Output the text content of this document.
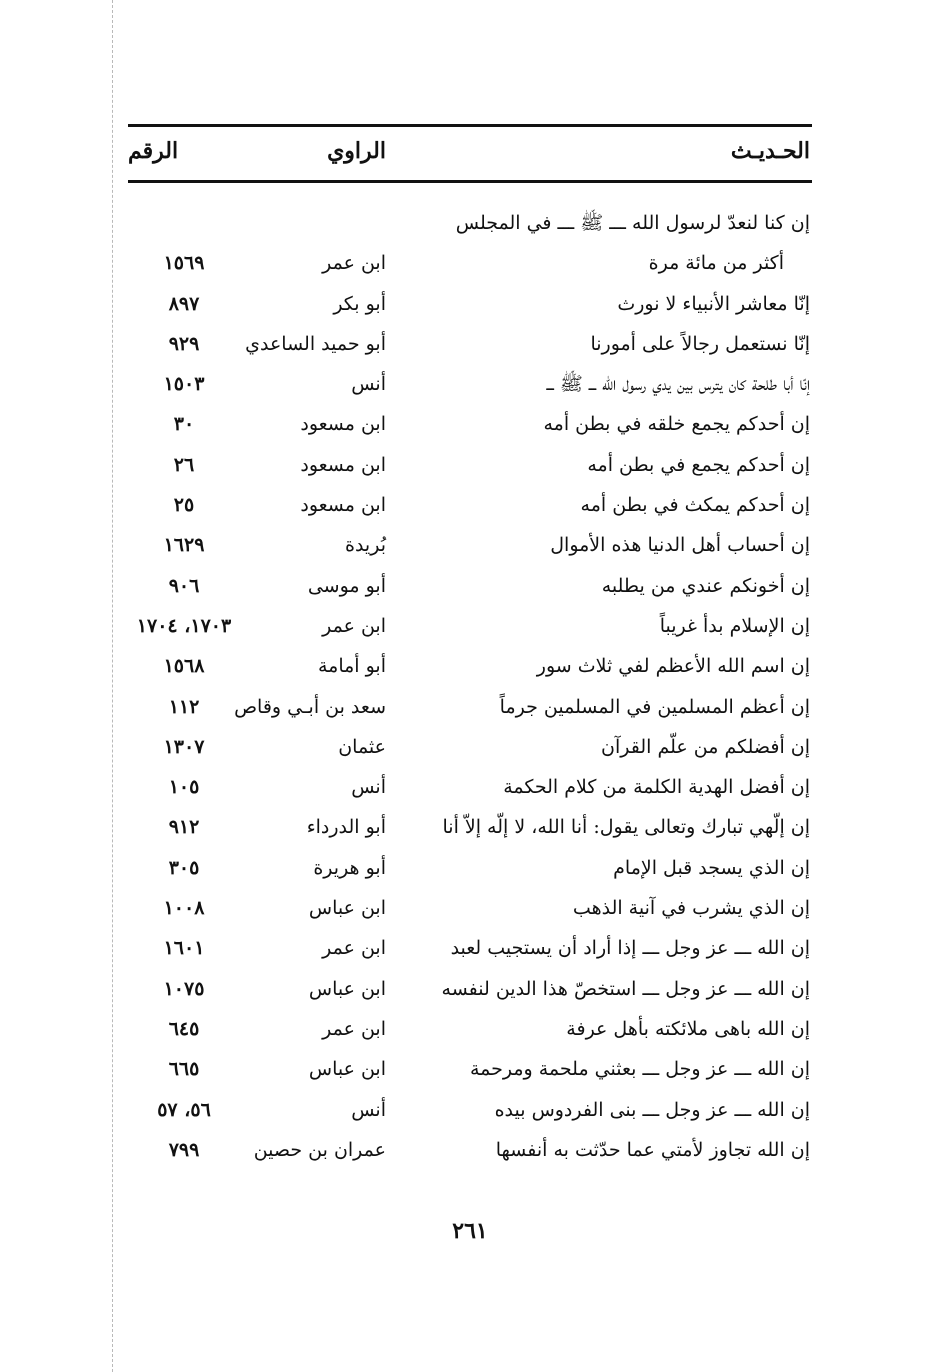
الحـديـث
الراوي
الرقم
إن كنا لنعدّ لرسول الله ـــ ﷺ ـــ في المجلس
أكثر من مائة مرة
ابن عمر
١٥٦٩
إنّا معاشر الأنبياء لا نورث
أبو بكر
٨٩٧
إنّا نستعمل رجالاً على أمورنا
أبو حميد الساعدي
٩٢٩
إنّا أبا طلحة كان يترس بين يدي رسول الله ـــ ﷺ ـــ
أنس
١٥٠٣
إن أحدكم يجمع خلقه في بطن أمه
ابن مسعود
٣٠
إن أحدكم يجمع في بطن أمه
ابن مسعود
٢٦
إن أحدكم يمكث في بطن أمه
ابن مسعود
٢٥
إن أحساب أهل الدنيا هذه الأموال
بُريدة
١٦٢٩
إن أخونكم عندي من يطلبه
أبو موسى
٩٠٦
إن الإسلام بدأ غريباً
ابن عمر
١٧٠٣، ١٧٠٤
إن اسم الله الأعظم لفي ثلاث سور
أبو أمامة
١٥٦٨
إن أعظم المسلمين في المسلمين جرماً
سعد بن أبـي وقاص
١١٢
إن أفضلكم من علّم القرآن
عثمان
١٣٠٧
إن أفضل الهدية الكلمة من كلام الحكمة
أنس
١٠٥
إن إلّهي تبارك وتعالى يقول: أنا الله، لا إلّه إلاّ أنا
أبو الدرداء
٩١٢
إن الذي يسجد قبل الإمام
أبو هريرة
٣٠٥
إن الذي يشرب في آنية الذهب
ابن عباس
١٠٠٨
إن الله ـــ عز وجل ـــ إذا أراد أن يستجيب لعبد
ابن عمر
١٦٠١
إن الله ـــ عز وجل ـــ استخصّ هذا الدين لنفسه
ابن عباس
١٠٧٥
إن الله باهى ملائكته بأهل عرفة
ابن عمر
٦٤٥
إن الله ـــ عز وجل ـــ بعثني ملحمة ومرحمة
ابن عباس
٦٦٥
إن الله ـــ عز وجل ـــ بنى الفردوس بيده
أنس
٥٦، ٥٧
إن الله تجاوز لأمتي عما حدّثت به أنفسها
عمران بن حصين
٧٩٩
٢٦١
